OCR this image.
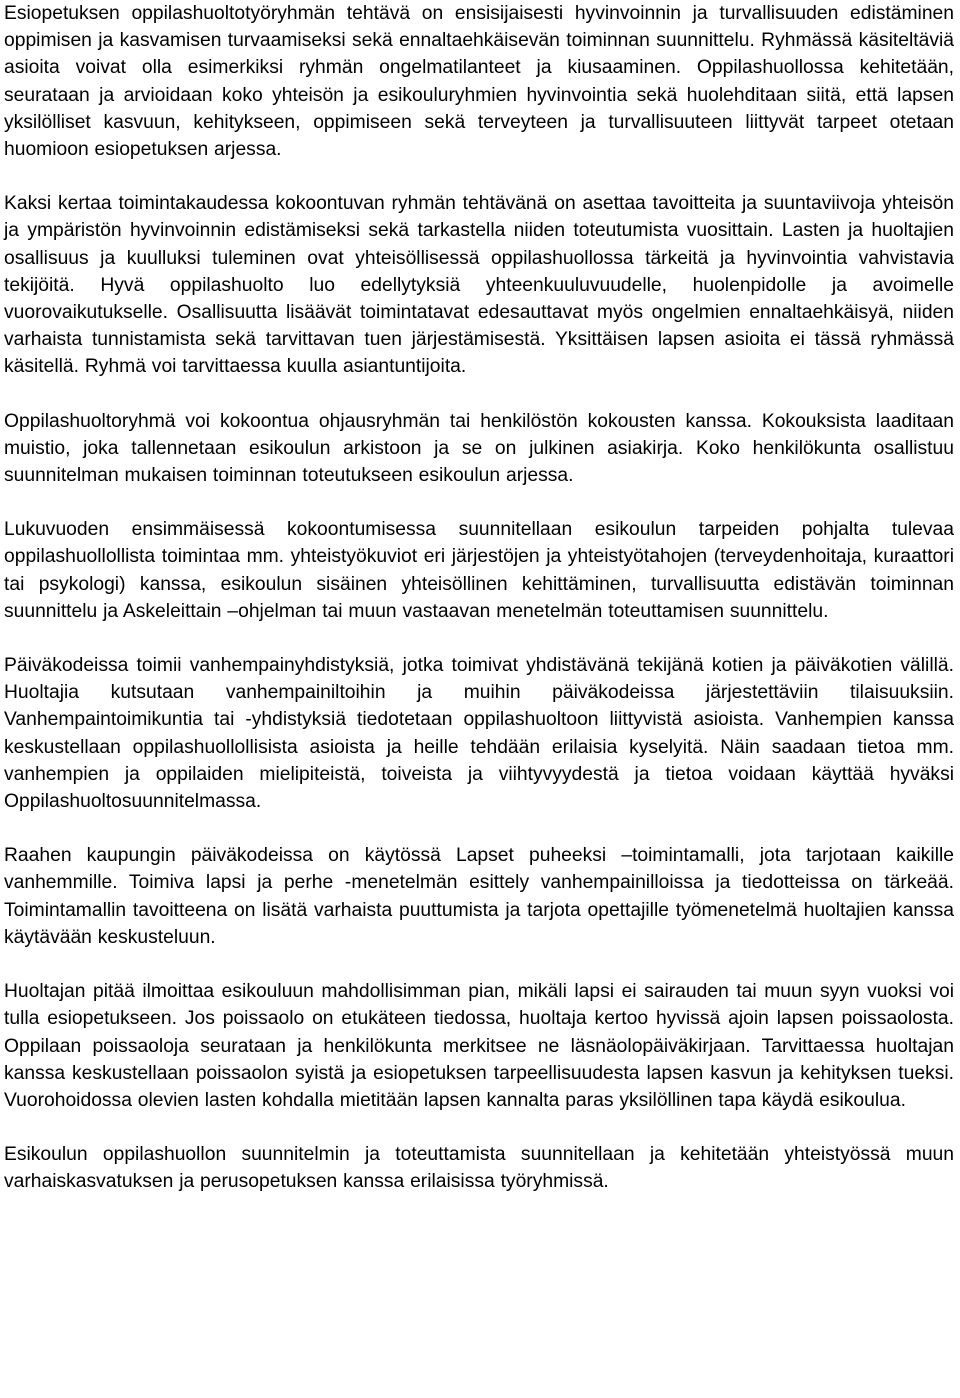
Esiopetuksen oppilashuoltotyöryhmän tehtävä on ensisijaisesti hyvinvoinnin ja turvallisuuden edistäminen oppimisen ja kasvamisen turvaamiseksi sekä ennaltaehkäisevän toiminnan suunnittelu. Ryhmässä käsiteltäviä asioita voivat olla esimerkiksi ryhmän ongelmatilanteet ja kiusaaminen. Oppilashuollossa kehitetään, seurataan ja arvioidaan koko yhteisön ja esikouluryhmien hyvinvointia sekä huolehditaan siitä, että lapsen yksilölliset kasvuun, kehitykseen, oppimiseen sekä terveyteen ja turvallisuuteen liittyvät tarpeet otetaan huomioon esiopetuksen arjessa.

Kaksi kertaa toimintakaudessa kokoontuvan ryhmän tehtävänä on asettaa tavoitteita ja suuntaviivoja yhteisön ja ympäristön hyvinvoinnin edistämiseksi sekä tarkastella niiden toteutumista vuosittain. Lasten ja huoltajien osallisuus ja kuulluksi tuleminen ovat yhteisöllisessä oppilashuollossa tärkeitä ja hyvinvointia vahvistavia tekijöitä. Hyvä oppilashuolto luo edellytyksiä yhteenkuuluvuudelle, huolenpidolle ja avoimelle vuorovaikutukselle. Osallisuutta lisäävät toimintatavat edesauttavat myös ongelmien ennaltaehkäisyä, niiden varhaista tunnistamista sekä tarvittavan tuen järjestämisestä. Yksittäisen lapsen asioita ei tässä ryhmässä käsitellä. Ryhmä voi tarvittaessa kuulla asiantuntijoita.

Oppilashuoltoryhmä voi kokoontua ohjausryhmän tai henkilöstön kokousten kanssa. Kokouksista laaditaan muistio, joka tallennetaan esikoulun arkistoon ja se on julkinen asiakirja. Koko henkilökunta osallistuu suunnitelman mukaisen toiminnan toteutukseen esikoulun arjessa.

Lukuvuoden ensimmäisessä kokoontumisessa suunnitellaan esikoulun tarpeiden pohjalta tulevaa oppilashuollollista toimintaa mm. yhteistyökuviot eri järjestöjen ja yhteistyötahojen (terveydenhoitaja, kuraattori tai psykologi) kanssa, esikoulun sisäinen yhteisöllinen kehittäminen, turvallisuutta edistävän toiminnan suunnittelu ja Askeleittain –ohjelman tai muun vastaavan menetelmän toteuttamisen suunnittelu.

Päiväkodeissa toimii vanhempainyhdistyksiä, jotka toimivat yhdistävänä tekijänä kotien ja päiväkotien välillä. Huoltajia kutsutaan vanhempainiltoihin ja muihin päiväkodeissa järjestettäviin tilaisuuksiin. Vanhempaintoimikuntia tai -yhdistyksiä tiedotetaan oppilashuoltoon liittyvistä asioista. Vanhempien kanssa keskustellaan oppilashuollollisista asioista ja heille tehdään erilaisia kyselyitä. Näin saadaan tietoa mm. vanhempien ja oppilaiden mielipiteistä, toiveista ja viihtyvyydestä ja tietoa voidaan käyttää hyväksi Oppilashuoltosuunnitelmassa.

Raahen kaupungin päiväkodeissa on käytössä Lapset puheeksi –toimintamalli, jota tarjotaan kaikille vanhemmille. Toimiva lapsi ja perhe -menetelmän esittely vanhempainilloissa ja tiedotteissa on tärkeää. Toimintamallin tavoitteena on lisätä varhaista puuttumista ja tarjota opettajille työmenetelmä huoltajien kanssa käytävään keskusteluun.

Huoltajan pitää ilmoittaa esikouluun mahdollisimman pian, mikäli lapsi ei sairauden tai muun syyn vuoksi voi tulla esiopetukseen. Jos poissaolo on etukäteen tiedossa, huoltaja kertoo hyvissä ajoin lapsen poissaolosta. Oppilaan poissaoloja seurataan ja henkilökunta merkitsee ne läsnäolopäiväkirjaan. Tarvittaessa huoltajan kanssa keskustellaan poissaolon syistä ja esiopetuksen tarpeellisuudesta lapsen kasvun ja kehityksen tueksi. Vuorohoidossa olevien lasten kohdalla mietitään lapsen kannalta paras yksilöllinen tapa käydä esikoulua.

Esikoulun oppilashuollon suunnitelmin ja toteuttamista suunnitellaan ja kehitetään yhteistyössä muun varhaiskasvatuksen ja perusopetuksen kanssa erilaisissa työryhmissä.
